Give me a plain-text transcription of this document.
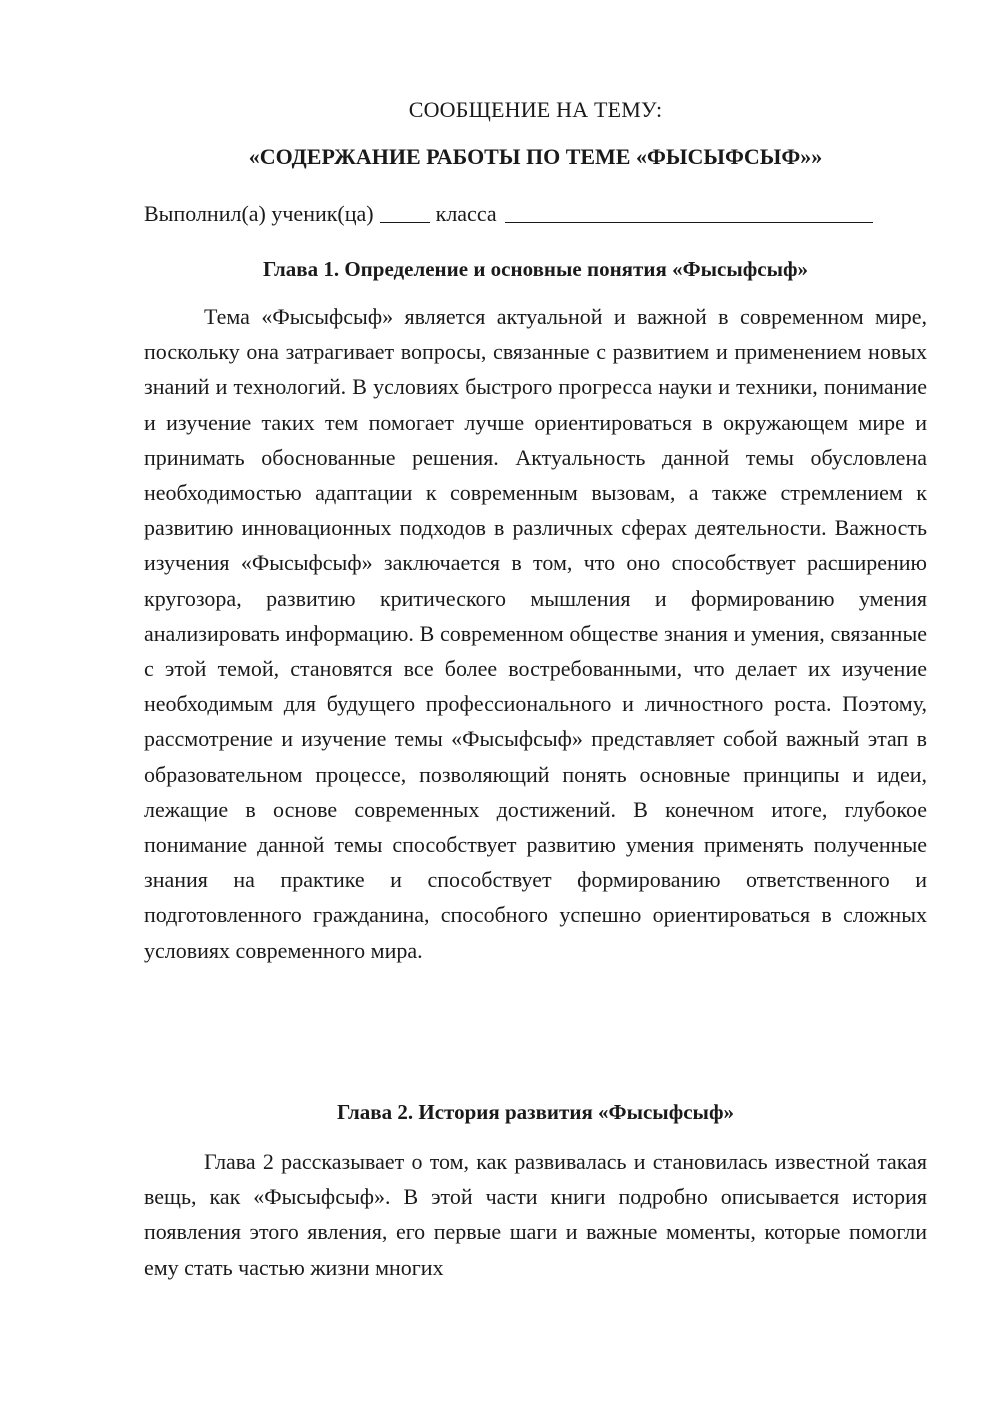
СООБЩЕНИЕ НА ТЕМУ:
«СОДЕРЖАНИЕ РАБОТЫ ПО ТЕМЕ «ФЫСЫФСЫФ»»
Выполнил(а) ученик(ца)	класса
Глава 1. Определение и основные понятия «Фысыфсыф»

Тема «Фысыфсыф» является актуальной и важной в современном мире, поскольку она затрагивает вопросы, связанные с развитием и применением новых знаний и технологий. В условиях быстрого прогресса науки и техники, понимание и изучение таких тем помогает лучше ориентироваться в окружающем мире и принимать обоснованные решения. Актуальность данной темы обусловлена необходимостью адаптации к современным вызовам, а также стремлением к развитию инновационных подходов в различных сферах деятельности. Важность изучения «Фысыфсыф» заключается в том, что оно способствует расширению кругозора, развитию критического мышления и формированию умения анализировать информацию. В современном обществе знания и умения, связанные с этой темой, становятся все более востребованными, что делает их изучение необходимым для будущего профессионального и личностного роста. Поэтому, рассмотрение и изучение темы «Фысыфсыф» представляет собой важный этап в образовательном процессе, позволяющий понять основные принципы и идеи, лежащие в основе современных достижений. В конечном итоге, глубокое понимание данной темы способствует развитию умения применять полученные знания на практике и способствует формированию ответственного и подготовленного гражданина, способного успешно ориентироваться в сложных условиях современного мира.

Глава 2. История развития «Фысыфсыф»

Глава 2 рассказывает о том, как развивалась и становилась известной такая вещь, как «Фысыфсыф». В этой части книги подробно описывается история появления этого явления, его первые шаги и важные моменты, которые помогли ему стать частью жизни многих
